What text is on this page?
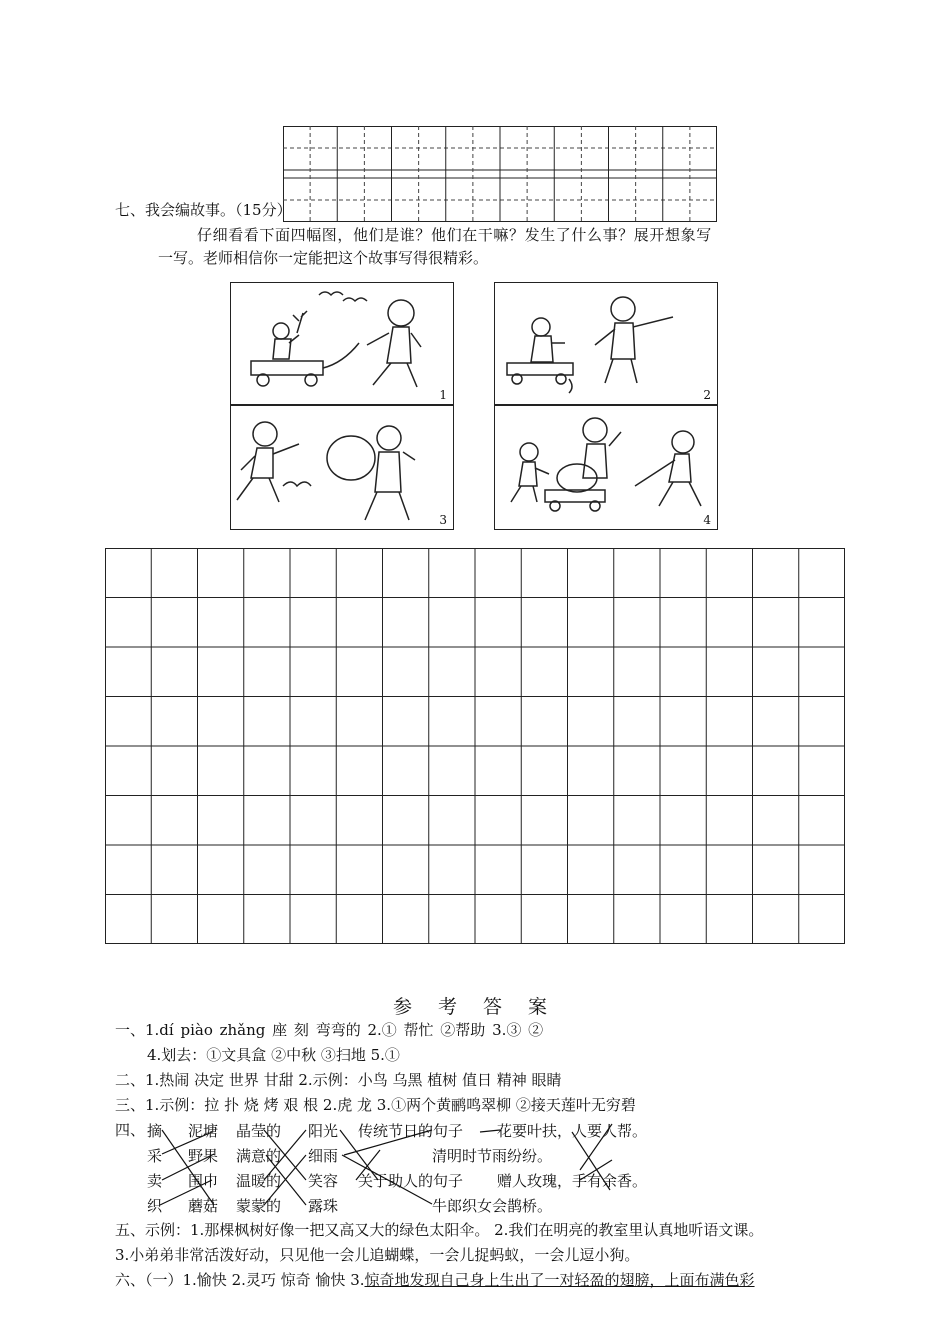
七、我会编故事。（15分）
仔细看看下面四幅图，他们是谁？他们在干嘛？发生了什么事？展开想象写
一写。老师相信你一定能把这个故事写得很精彩。
1	2
3	4
参 考 答 案
一、1.dí piào zhǎng 座 刻 弯弯的 2.① 帮忙 ②帮助 3.③ ②
4.划去：①文具盒 ②中秋 ③扫地 5.①
二、1.热闹 决定 世界 甘甜 2.示例：小鸟 乌黑 植树 值日 精神 眼睛
三、1.示例：拉 扑 烧 烤 艰 根 2.虎 龙 3.①两个黄鹂鸣翠柳 ②接天莲叶无穷碧
四、 摘
采
卖
织
泥塘
野果
围巾
蘑菇
晶莹的
满意的
温暖的
蒙蒙的
阳光
细雨
笑容
露珠
传统节日的句子
关于助人的句子
花要叶扶，人要人帮。
清明时节雨纷纷。
赠人玫瑰，手有余香。
牛郎织女会鹊桥。
五、示例：1.那棵枫树好像一把又高又大的绿色太阳伞。 2.我们在明亮的教室里认真地听语文课。
3.小弟弟非常活泼好动，只见他一会儿追蝴蝶，一会儿捉蚂蚁，一会儿逗小狗。
六、（一）1.愉快 2.灵巧 惊奇 愉快 3.惊奇地发现自己身上生出了一对轻盈的翅膀，上面布满色彩
